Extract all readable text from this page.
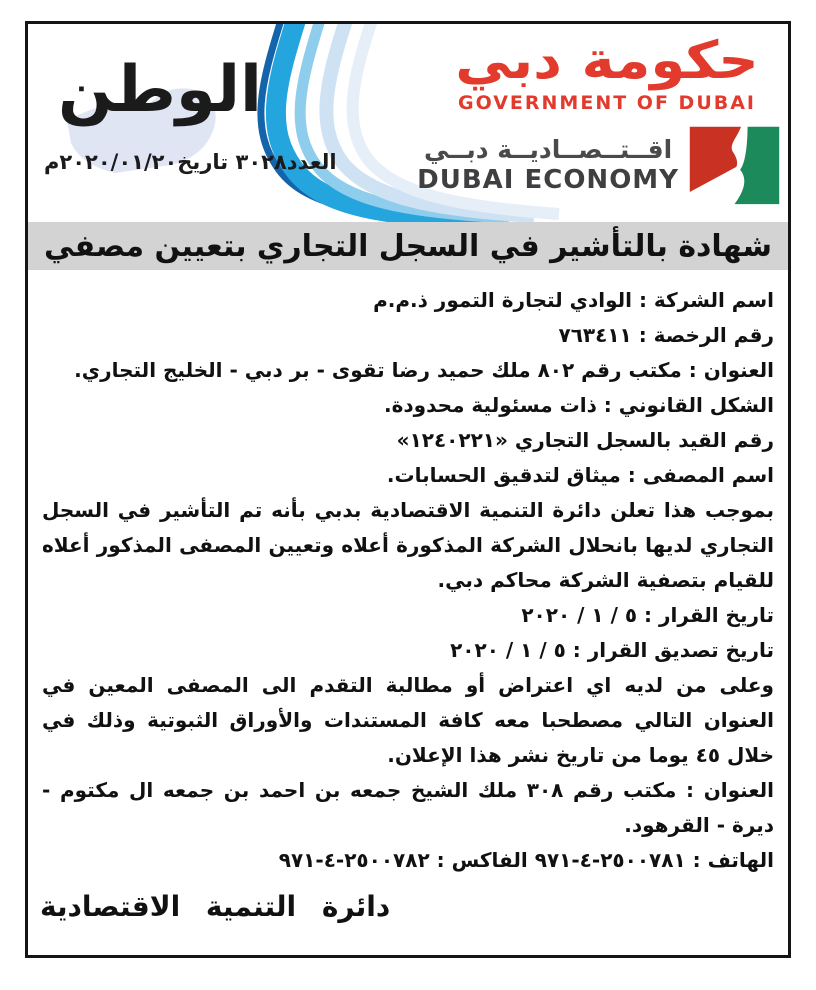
الوطن
العدد٣٠٢٨ تاريخ٢٠٢٠/٠١/٢٠م
حكومة دبي
GOVERNMENT OF DUBAI
اقــتــصــاديــة دبــي
DUBAI ECONOMY
شهادة بالتأشير في السجل التجاري بتعيين مصفي
اسم الشركة : الوادي لتجارة التمور ذ.م.م
رقم الرخصة : ٧٦٣٤١١
العنوان : مكتب رقم ٨٠٢ ملك حميد رضا تقوى - بر دبي - الخليج التجاري.
الشكل القانوني : ذات مسئولية محدودة.
رقم القيد بالسجل التجاري «١٢٤٠٢٢١»
اسم المصفى : ميثاق لتدقيق الحسابات.
بموجب هذا تعلن دائرة التنمية الاقتصادية بدبي بأنه تم التأشير في السجل التجاري لديها بانحلال الشركة المذكورة أعلاه وتعيين المصفى المذكور أعلاه للقيام بتصفية الشركة محاكم دبي.
تاريخ القرار : ٥ / ١ / ٢٠٢٠
تاريخ تصديق القرار : ٥ / ١ / ٢٠٢٠
وعلى من لديه اي اعتراض أو مطالبة التقدم الى المصفى المعين في العنوان التالي مصطحبا معه كافة المستندات والأوراق الثبوتية وذلك في خلال ٤٥ يوما من تاريخ نشر هذا الإعلان.
العنوان : مكتب رقم ٣٠٨ ملك الشيخ جمعه بن احمد بن جمعه ال مكتوم - ديرة - القرهود.
الهاتف : ٢٥٠٠٧٨١-٤-٩٧١ الفاكس : ٢٥٠٠٧٨٢-٤-٩٧١
دائرة التنمية الاقتصادية
